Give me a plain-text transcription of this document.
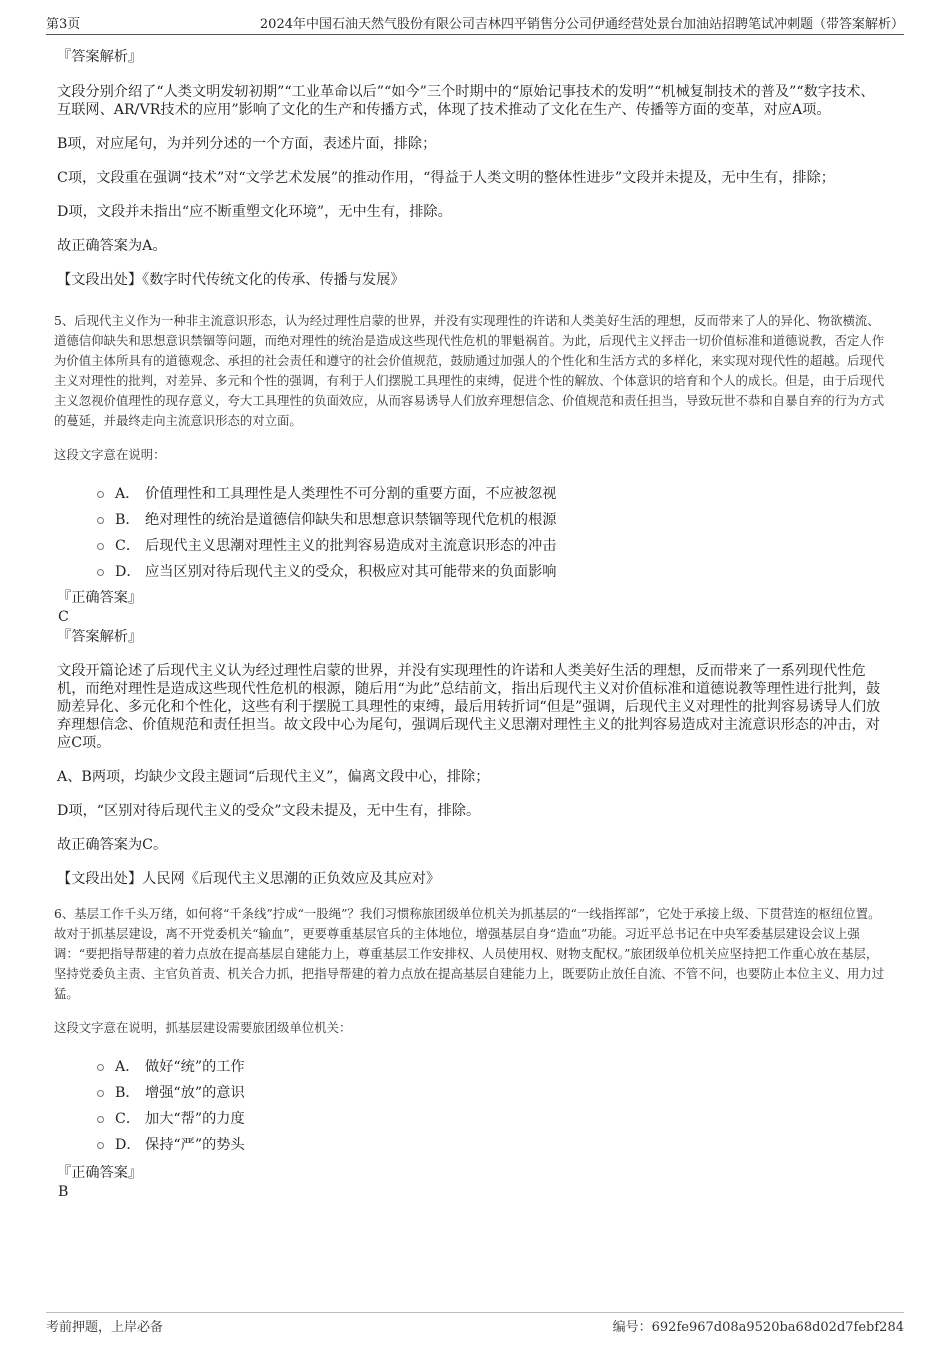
第3页	2024年中国石油天然气股份有限公司吉林四平销售分公司伊通经营处景台加油站招聘笔试冲刺题（带答案解析）

『答案解析』

文段分别介绍了“人类文明发轫初期”“工业革命以后”“如今”三个时期中的“原始记事技术的发明”“机械复制技术的普及”“数字技术、互联网、AR/VR技术的应用”影响了文化的生产和传播方式，体现了技术推动了文化在生产、传播等方面的变革，对应A项。

B项，对应尾句，为并列分述的一个方面，表述片面，排除；

C项，文段重在强调“技术”对“文学艺术发展”的推动作用，“得益于人类文明的整体性进步”文段并未提及，无中生有，排除；

D项，文段并未指出“应不断重塑文化环境”，无中生有，排除。

故正确答案为A。

【文段出处】《数字时代传统文化的传承、传播与发展》

5、后现代主义作为一种非主流意识形态，认为经过理性启蒙的世界，并没有实现理性的许诺和人类美好生活的理想，反而带来了人的异化、物欲横流、道德信仰缺失和思想意识禁锢等问题，而绝对理性的统治是造成这些现代性危机的罪魁祸首。为此，后现代主义抨击一切价值标准和道德说教，否定人作为价值主体所具有的道德观念、承担的社会责任和遵守的社会价值规范，鼓励通过加强人的个性化和生活方式的多样化，来实现对现代性的超越。后现代主义对理性的批判，对差异、多元和个性的强调，有利于人们摆脱工具理性的束缚，促进个性的解放、个体意识的培育和个人的成长。但是，由于后现代主义忽视价值理性的现存意义，夸大工具理性的负面效应，从而容易诱导人们放弃理想信念、价值规范和责任担当，导致玩世不恭和自暴自弃的行为方式的蔓延，并最终走向主流意识形态的对立面。

这段文字意在说明：

A． 价值理性和工具理性是人类理性不可分割的重要方面，不应被忽视
B． 绝对理性的统治是道德信仰缺失和思想意识禁锢等现代危机的根源
C． 后现代主义思潮对理性主义的批判容易造成对主流意识形态的冲击
D． 应当区别对待后现代主义的受众，积极应对其可能带来的负面影响

『正确答案』

C

『答案解析』

文段开篇论述了后现代主义认为经过理性启蒙的世界，并没有实现理性的许诺和人类美好生活的理想，反而带来了一系列现代性危机，而绝对理性是造成这些现代性危机的根源，随后用“为此”总结前文，指出后现代主义对价值标准和道德说教等理性进行批判，鼓励差异化、多元化和个性化，这些有利于摆脱工具理性的束缚，最后用转折词“但是”强调，后现代主义对理性的批判容易诱导人们放弃理想信念、价值规范和责任担当。故文段中心为尾句，强调后现代主义思潮对理性主义的批判容易造成对主流意识形态的冲击，对应C项。

A、B两项，均缺少文段主题词“后现代主义”，偏离文段中心，排除；

D项，“区别对待后现代主义的受众”文段未提及，无中生有，排除。

故正确答案为C。

【文段出处】人民网《后现代主义思潮的正负效应及其应对》

6、基层工作千头万绪，如何将“千条线”拧成“一股绳”？我们习惯称旅团级单位机关为抓基层的“一线指挥部”，它处于承接上级、下贯营连的枢纽位置。故对于抓基层建设，离不开党委机关“输血”，更要尊重基层官兵的主体地位，增强基层自身“造血”功能。习近平总书记在中央军委基层建设会议上强调：“要把指导帮建的着力点放在提高基层自建能力上，尊重基层工作安排权、人员使用权、财物支配权。”旅团级单位机关应坚持把工作重心放在基层，坚持党委负主责、主官负首责、机关合力抓，把指导帮建的着力点放在提高基层自建能力上，既要防止放任自流、不管不问，也要防止本位主义、用力过猛。

这段文字意在说明，抓基层建设需要旅团级单位机关：

A． 做好“统”的工作
B． 增强“放”的意识
C． 加大“帮”的力度
D． 保持“严”的势头

『正确答案』

B

考前押题，上岸必备	编号：692fe967d08a9520ba68d02d7febf284
